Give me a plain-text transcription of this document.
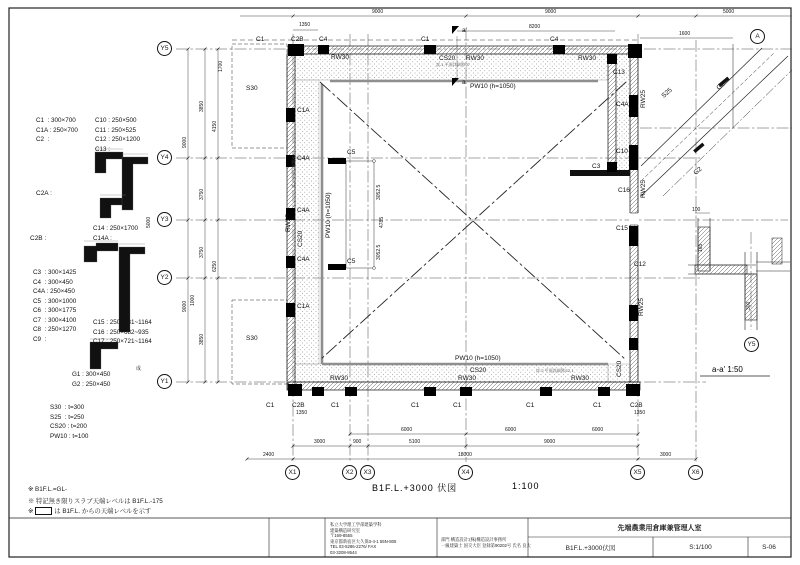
C1  : 300×700
C1A : 250×700
C2  :
C2A :
C2B :
C3  : 300×1425
C4  : 300×450
C4A : 250×450
C5  : 300×1000
C6  : 300×1775
C7  : 300×4100
C8  : 250×1270
C9  :
G1 : 300×450
G2 : 250×450
成
S30  : t=300
S25  : t=250
CS20 : t=200
PW10 : t=100
C10 : 250×500
C11 : 250×525
C12 : 250×1200
C13 :
C14 : 250×1700
C14A :
C15 : 250×731~1164
C16 : 250×682~935
C17 : 250×721~1164
Y5
Y4
Y3
Y2
Y1
X1	X2	X3	X4	X5	X6
A
Y5
C1	C2B C4	C1	C4
a'
a
C1	C2B
1350
C1	C1	C1	C1	C1	C2B
1350
C1A
C4A
C4A
C4A
C1A
C13
C4A
C10
C3
C16
C15
C12
C5
C5
RW30	CS20 RW30	RW30
詳-1 平面詳細図/J7
PW10 (h=1050)
PW10 (h=1050)
CS20	詳-2 平面詳細図/12.1
RW30	RW30	RW30
RW25
CS20
詳-2 平面詳細図/12.1
PW10 (h=1050)
RW25
RW25
RW25
CS20
S30
S30
S25
G2
G2
9000	9000	5000
1350	8200
1600
9000
9000
3850
3750
3750
3850
4150
6250
1000
1700
5000
3052.5
4785
3052.5
6000	6000	6000
3000	900	5100	9000
2400	18000	3000
100
165
300
B1F.L.+3000 伏図	1:100
a-a' 1:50
※ B1F.L.=GL-
※ 特記無き限りスラブ天端レベルは B1F.L.-175
※	は B1F.L. からの天端レベルを示す
私立大学理工学部建築学科
建築構造研究室
〒169-8555
東京都新宿区大久保3-4-1 55N-805
TEL 03-5286-2276/ FAX
03-3208-8644
部門 構造設計:(株)構造設計事務所
一級建築士 国交大臣 登録第90202号 氏名 良太
先端農業用倉庫兼管理人室
B1F.L.+3000伏図	S:1/100	S-06
